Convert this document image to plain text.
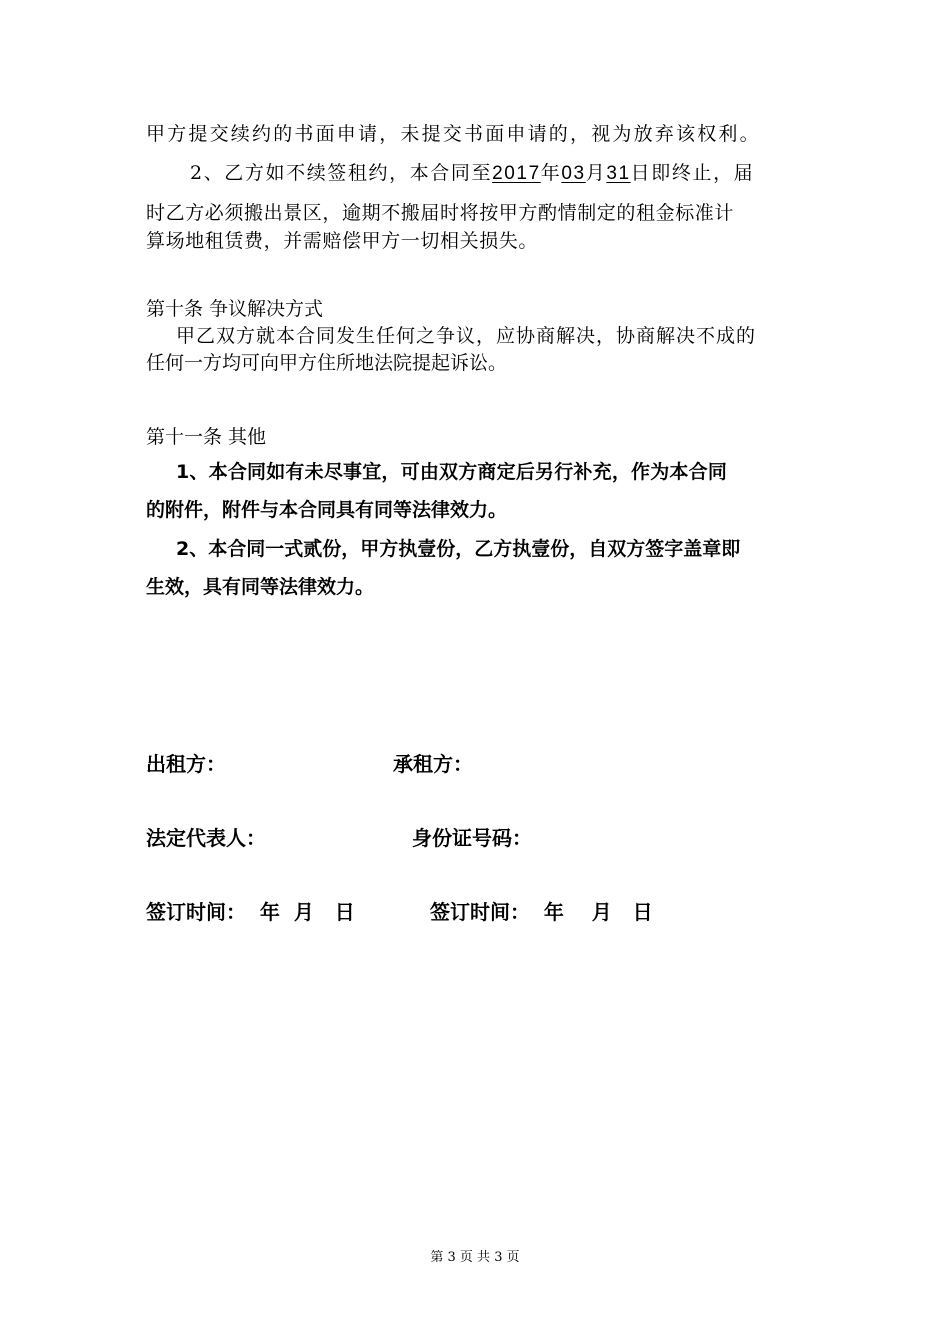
甲方提交续约的书面申请，未提交书面申请的，视为放弃该权利。
2、乙方如不续签租约，本合同至2017年03月31日即终止，届
时乙方必须搬出景区，逾期不搬届时将按甲方酌情制定的租金标准计
算场地租赁费，并需赔偿甲方一切相关损失。
第十条 争议解决方式
甲乙双方就本合同发生任何之争议，应协商解决，协商解决不成的
任何一方均可向甲方住所地法院提起诉讼。
第十一条 其他
1、本合同如有未尽事宜，可由双方商定后另行补充，作为本合同
的附件，附件与本合同具有同等法律效力。
2、本合同一式贰份，甲方执壹份，乙方执壹份，自双方签字盖章即
生效，具有同等法律效力。
出租方：	承租方：
法定代表人：	身份证号码：
签订时间：  年  月   日	签订时间：  年    月   日
第 3 页 共 3 页
